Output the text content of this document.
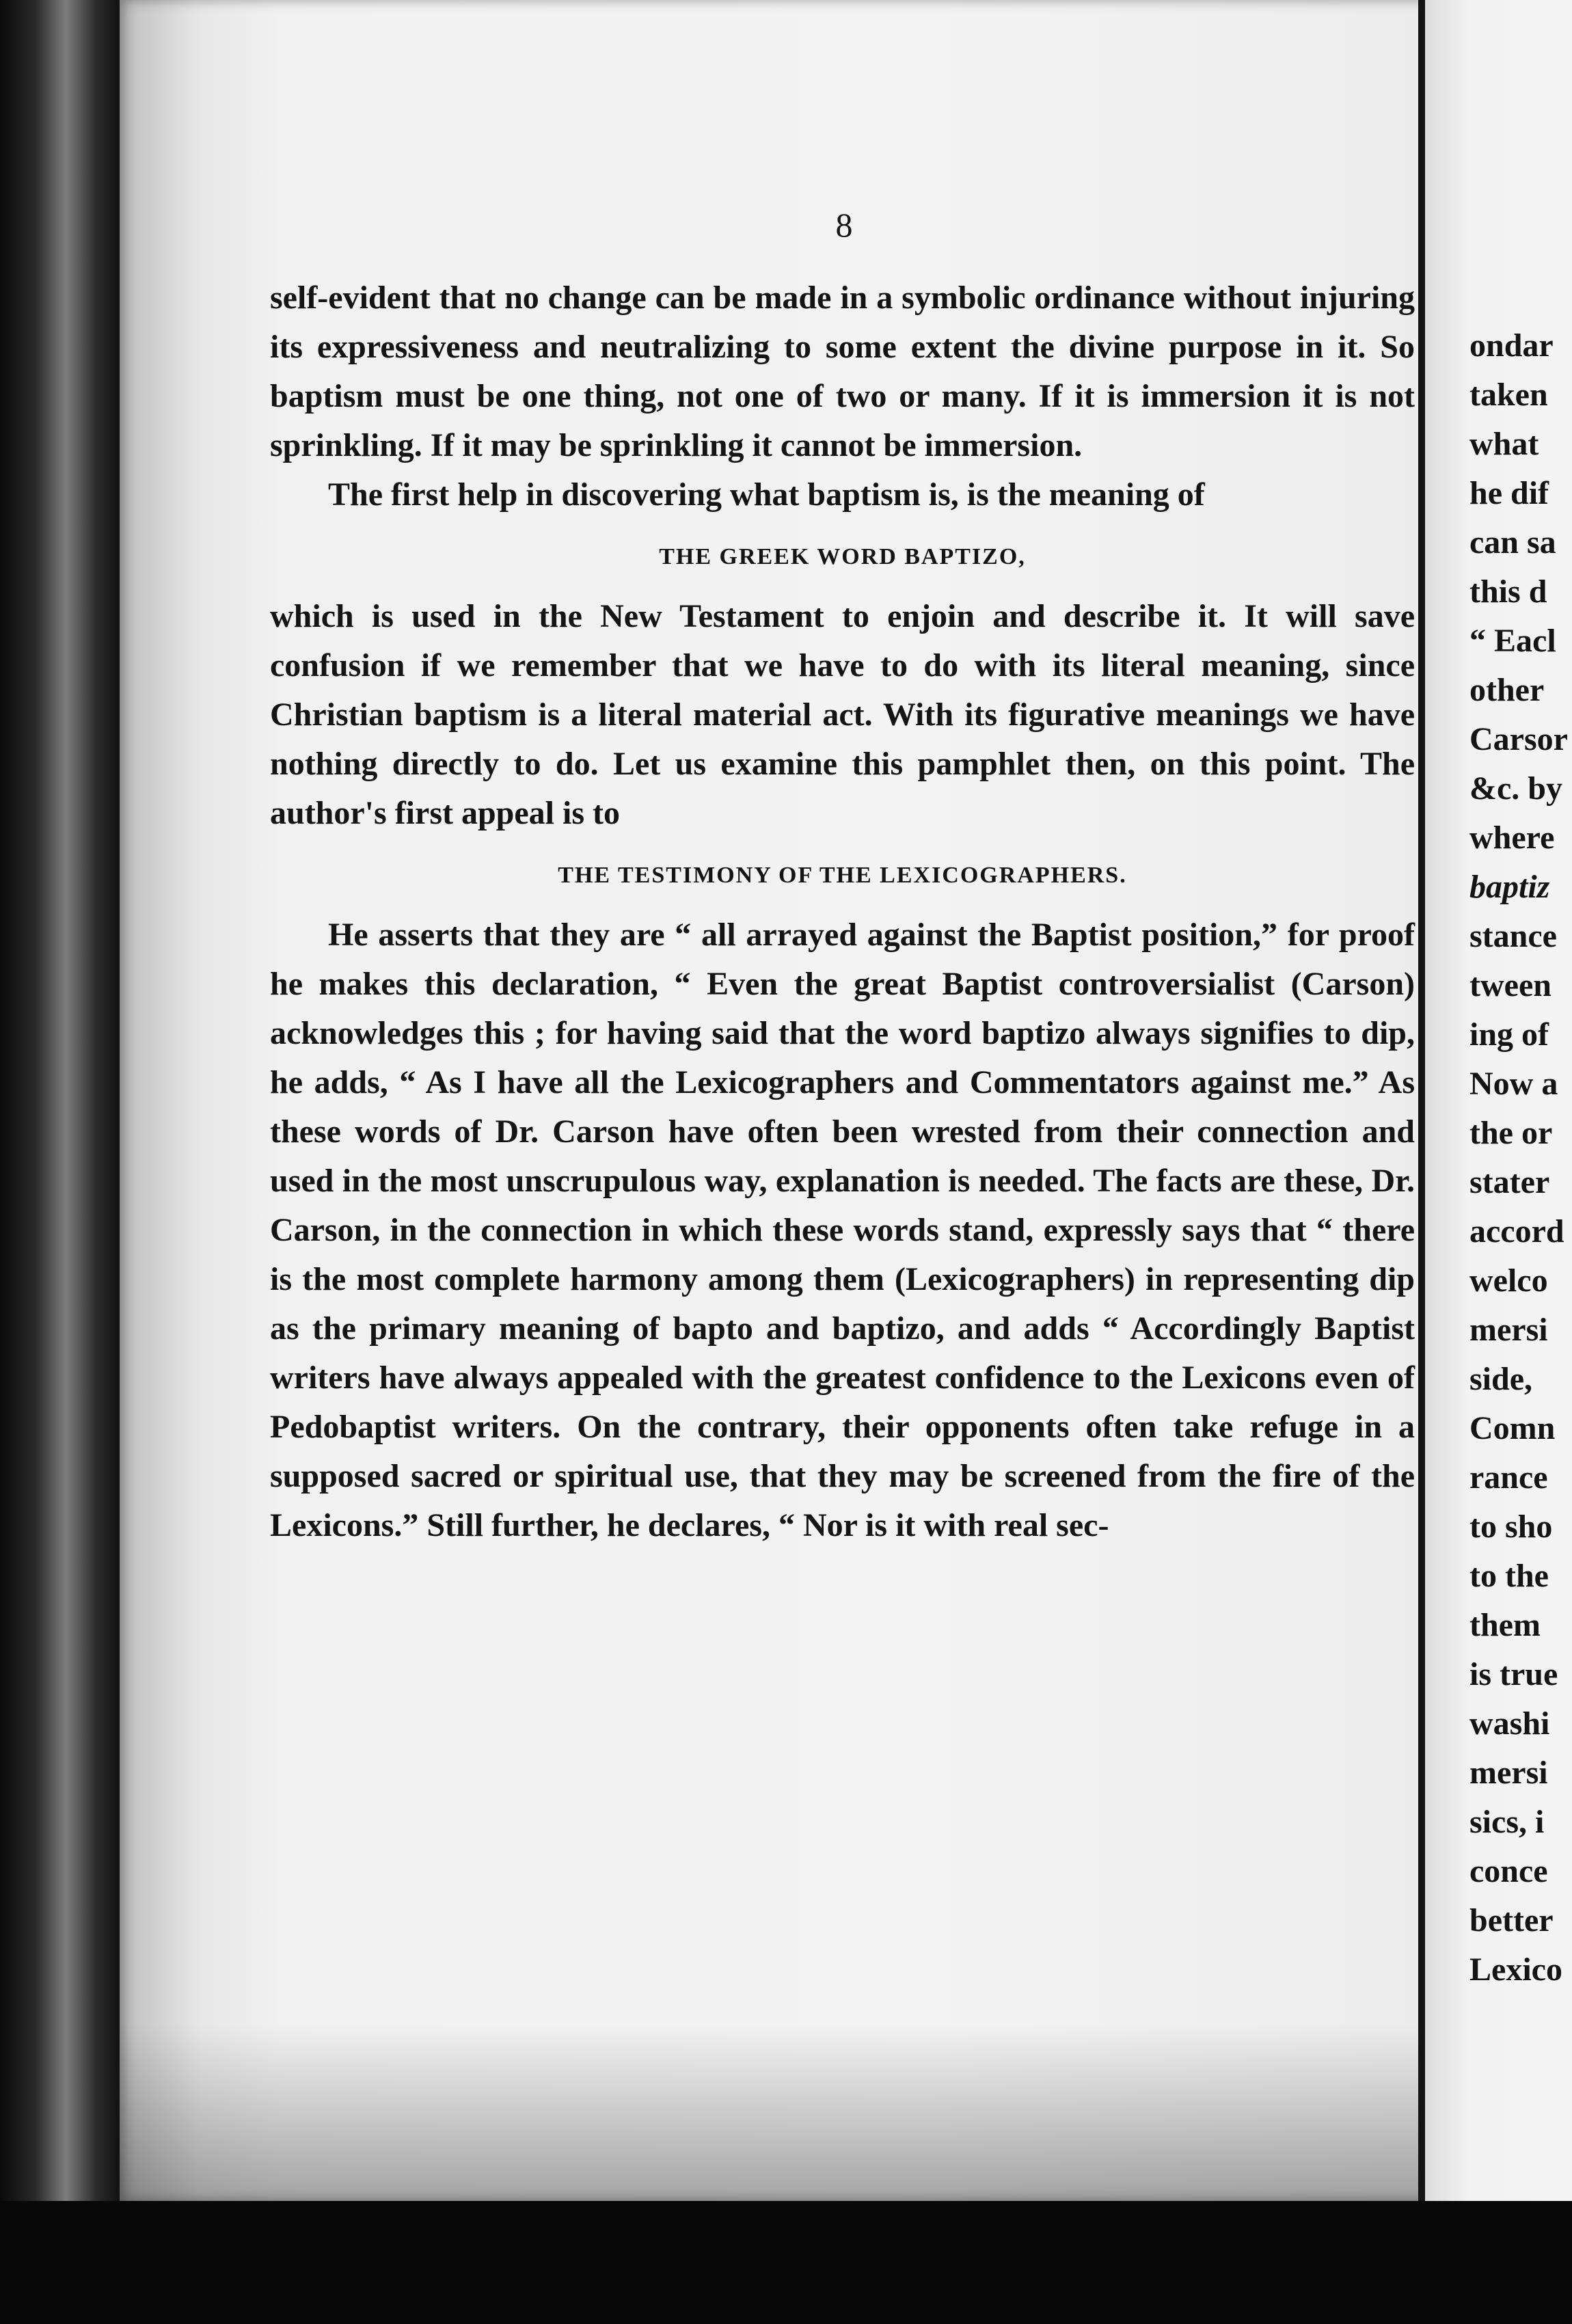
8

self-evident that no change can be made in a symbolic ordinance without injuring its expressiveness and neutralizing to some extent the divine purpose in it. So baptism must be one thing, not one of two or many. If it is immersion it is not sprinkling. If it may be sprinkling it cannot be immersion.

The first help in discovering what baptism is, is the meaning of

THE GREEK WORD BAPTIZO,

which is used in the New Testament to enjoin and describe it. It will save confusion if we remember that we have to do with its literal meaning, since Christian baptism is a literal material act. With its figurative meanings we have nothing directly to do. Let us examine this pamphlet then, on this point. The author's first appeal is to

THE TESTIMONY OF THE LEXICOGRAPHERS.

He asserts that they are “ all arrayed against the Baptist position,” for proof he makes this declaration, “ Even the great Baptist controversialist (Carson) acknowledges this ; for having said that the word baptizo always signifies to dip, he adds, “ As I have all the Lexicographers and Commentators against me.” As these words of Dr. Carson have often been wrested from their connection and used in the most unscrupulous way, explanation is needed. The facts are these, Dr. Carson, in the connection in which these words stand, expressly says that “ there is the most complete harmony among them (Lexicographers) in representing dip as the primary meaning of bapto and baptizo, and adds “ Accordingly Baptist writers have always appealed with the greatest confidence to the Lexicons even of Pedobaptist writers. On the contrary, their opponents often take refuge in a supposed sacred or spiritual use, that they may be screened from the fire of the Lexicons.” Still further, he declares, “ Nor is it with real sec-

ondar
taken
what
he dif
can sa
this d
“ Eacl
other
Carsor
&c. by
where
baptiz
stance
tween
ing of
Now a
the or
stater
accord
welco
mersi
side,
Comn
rance
to sho
to the
them
is true
washi
mersi
sics, i
conce
better
Lexico
